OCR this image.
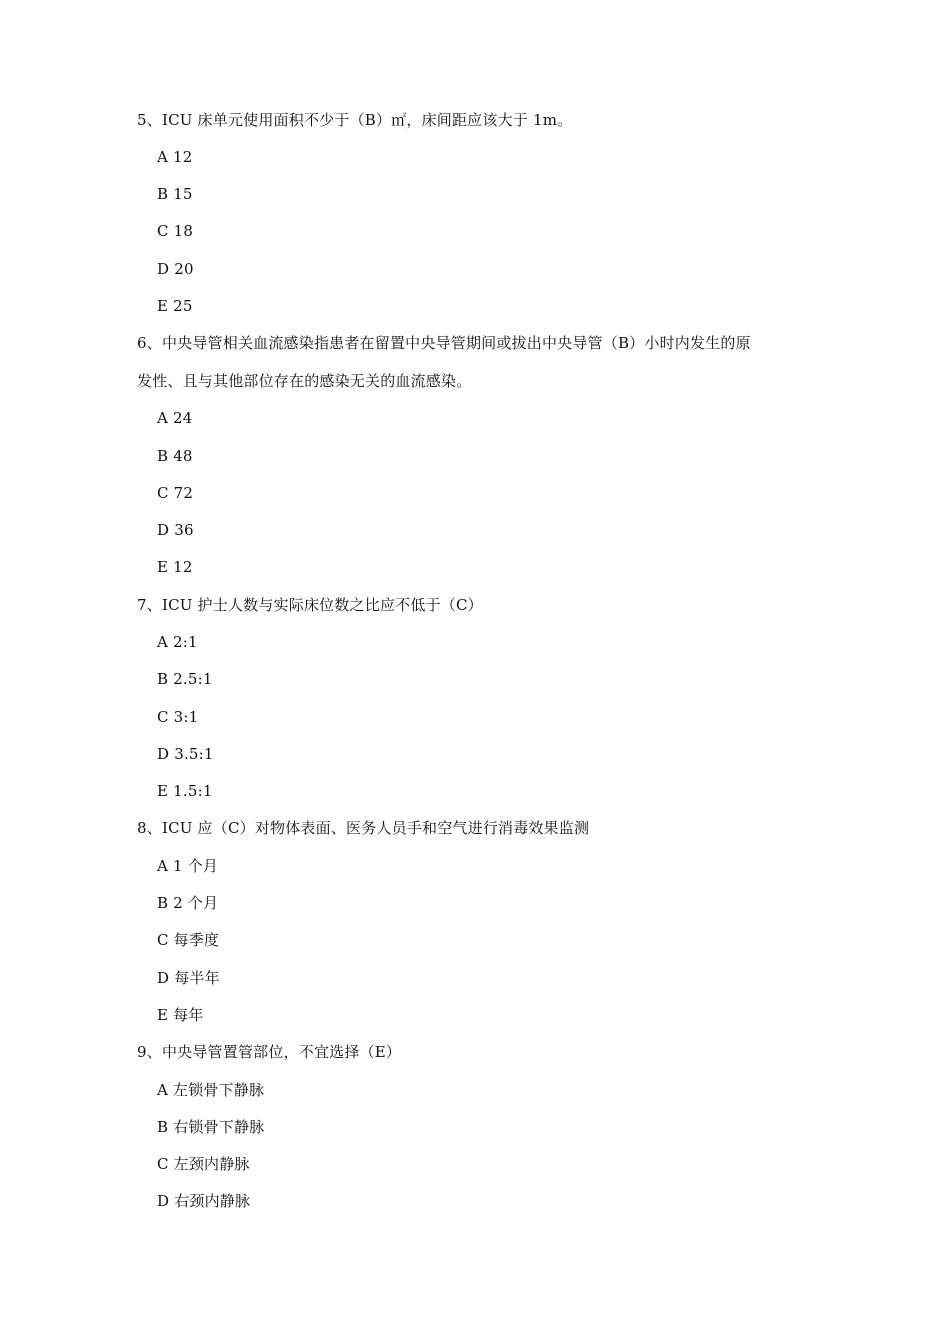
5、ICU 床单元使用面积不少于（B）㎡，床间距应该大于 1m。
A 12
B 15
C 18
D 20
E 25
6、中央导管相关血流感染指患者在留置中央导管期间或拔出中央导管（B）小时内发生的原
发性、且与其他部位存在的感染无关的血流感染。
A 24
B 48
C 72
D 36
E 12
7、ICU 护士人数与实际床位数之比应不低于（C）
A 2:1
B 2.5:1
C 3:1
D 3.5:1
E 1.5:1
8、ICU 应（C）对物体表面、医务人员手和空气进行消毒效果监测
A 1 个月
B 2 个月
C 每季度
D 每半年
E 每年
9、中央导管置管部位，不宜选择（E）
A 左锁骨下静脉
B 右锁骨下静脉
C 左颈内静脉
D 右颈内静脉
